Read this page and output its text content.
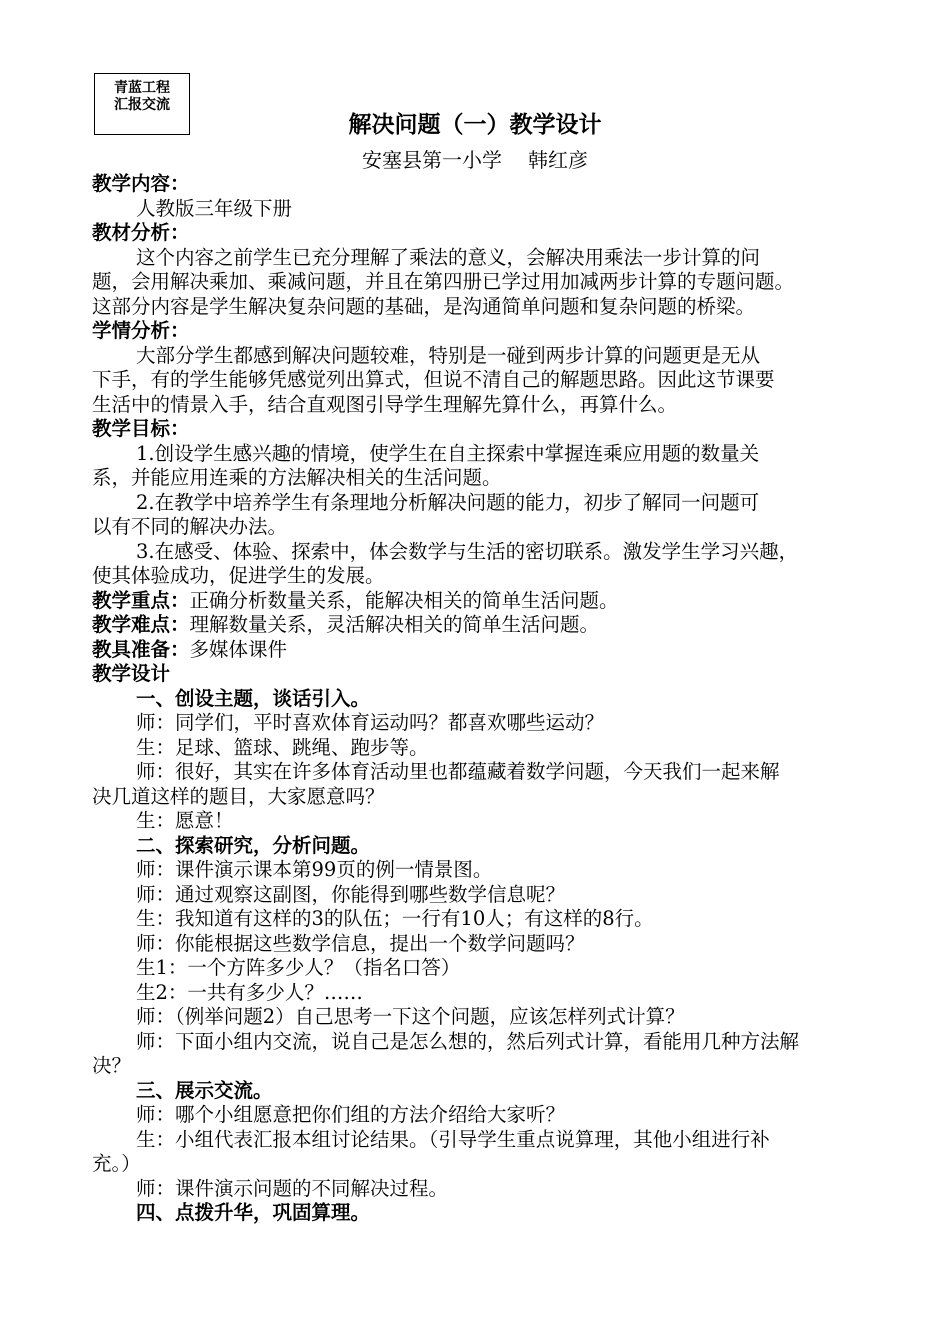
青蓝工程
汇报交流
解决问题（一）教学设计
安塞县第一小学 韩红彦

教学内容：

人教版三年级下册

教材分析：

这个内容之前学生已充分理解了乘法的意义，会解决用乘法一步计算的问

题，会用解决乘加、乘减问题，并且在第四册已学过用加减两步计算的专题问题。

这部分内容是学生解决复杂问题的基础，是沟通简单问题和复杂问题的桥梁。

学情分析：

大部分学生都感到解决问题较难，特别是一碰到两步计算的问题更是无从

下手，有的学生能够凭感觉列出算式，但说不清自己的解题思路。因此这节课要

生活中的情景入手，结合直观图引导学生理解先算什么，再算什么。

教学目标：

1.创设学生感兴趣的情境，使学生在自主探索中掌握连乘应用题的数量关

系，并能应用连乘的方法解决相关的生活问题。

2.在教学中培养学生有条理地分析解决问题的能力，初步了解同一问题可

以有不同的解决办法。

3.在感受、体验、探索中，体会数学与生活的密切联系。激发学生学习兴趣，

使其体验成功，促进学生的发展。

教学重点：正确分析数量关系，能解决相关的简单生活问题。

教学难点：理解数量关系，灵活解决相关的简单生活问题。

教具准备：多媒体课件

教学设计

一、创设主题，谈话引入。

师：同学们，平时喜欢体育运动吗？都喜欢哪些运动？

生：足球、篮球、跳绳、跑步等。

师：很好，其实在许多体育活动里也都蕴藏着数学问题，今天我们一起来解

决几道这样的题目，大家愿意吗？

生：愿意！

二、探索研究，分析问题。

师：课件演示课本第99页的例一情景图。

师：通过观察这副图，你能得到哪些数学信息呢？

生：我知道有这样的3的队伍；一行有10人；有这样的8行。

师：你能根据这些数学信息，提出一个数学问题吗？

生1：一个方阵多少人？（指名口答）

生2：一共有多少人？……

师：（例举问题2）自己思考一下这个问题，应该怎样列式计算？

师：下面小组内交流，说自己是怎么想的，然后列式计算，看能用几种方法解

决？

三、展示交流。

师：哪个小组愿意把你们组的方法介绍给大家听？

生：小组代表汇报本组讨论结果。（引导学生重点说算理，其他小组进行补

充。）

师：课件演示问题的不同解决过程。

四、点拨升华，巩固算理。
